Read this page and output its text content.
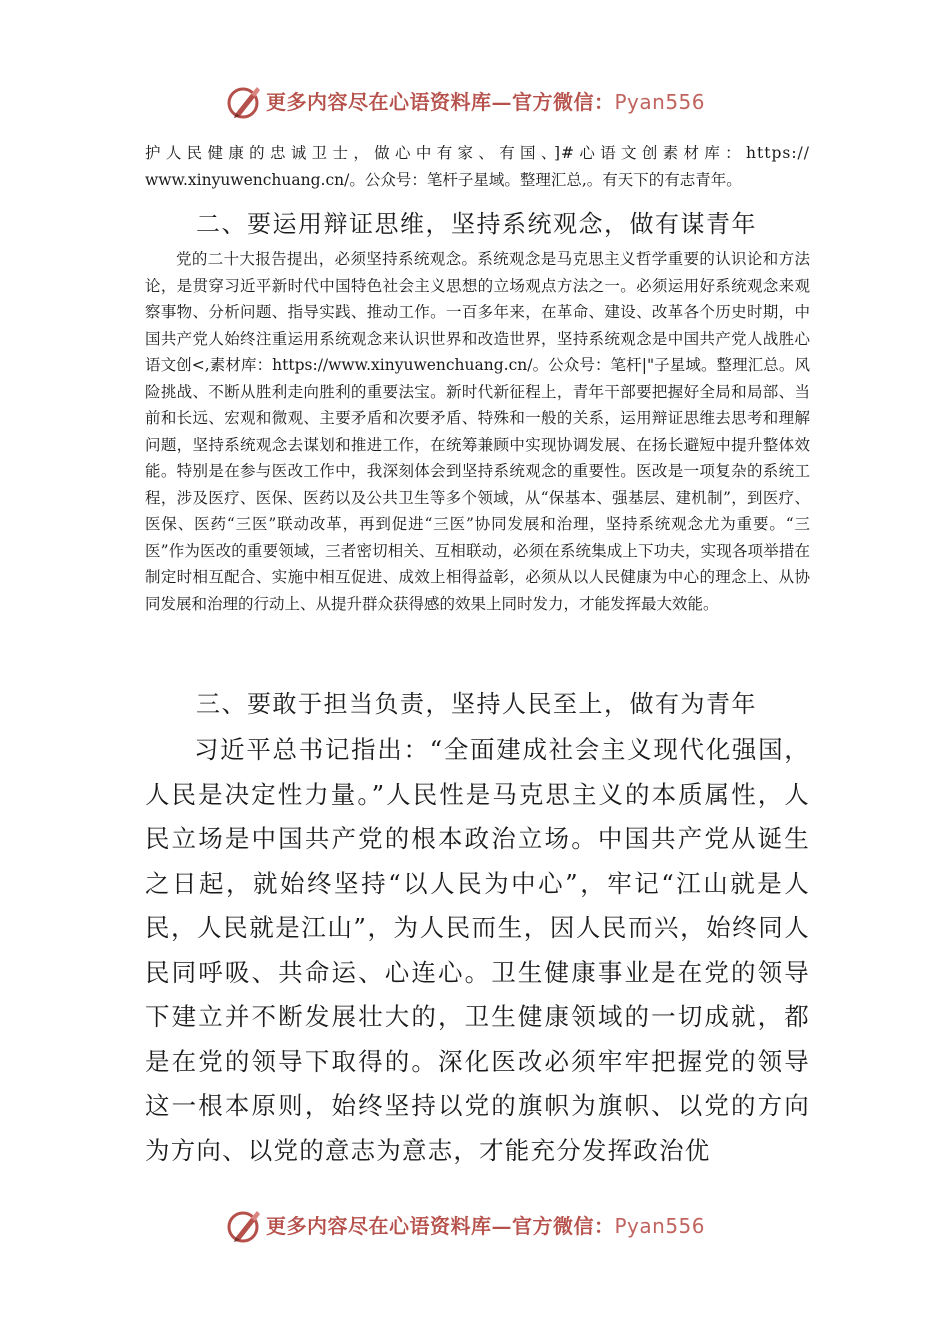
更多内容尽在心语资料库—官方微信：Pyan556

护人民健康的忠诚卫士，做心中有家、有国、]#心语文创素材库：https://
www.xinyuwenchuang.cn/。公众号：笔杆子星域。整理汇总,。有天下的有志青年。

二、要运用辩证思维，坚持系统观念，做有谋青年

党的二十大报告提出，必须坚持系统观念。系统观念是马克思主义哲学重要的认识论和方法论，是贯穿习近平新时代中国特色社会主义思想的立场观点方法之一。必须运用好系统观念来观察事物、分析问题、指导实践、推动工作。一百多年来，在革命、建设、改革各个历史时期，中国共产党人始终注重运用系统观念来认识世界和改造世界，坚持系统观念是中国共产党人战胜心语文创<,素材库：https://www.xinyuwenchuang.cn/。公众号：笔杆|"子星域。整理汇总。风险挑战、不断从胜利走向胜利的重要法宝。新时代新征程上，青年干部要把握好全局和局部、当前和长远、宏观和微观、主要矛盾和次要矛盾、特殊和一般的关系，运用辩证思维去思考和理解问题，坚持系统观念去谋划和推进工作，在统筹兼顾中实现协调发展、在扬长避短中提升整体效能。特别是在参与医改工作中，我深刻体会到坚持系统观念的重要性。医改是一项复杂的系统工程，涉及医疗、医保、医药以及公共卫生等多个领域，从“保基本、强基层、建机制”，到医疗、医保、医药“三医”联动改革，再到促进“三医”协同发展和治理，坚持系统观念尤为重要。“三医”作为医改的重要领域，三者密切相关、互相联动，必须在系统集成上下功夫，实现各项举措在制定时相互配合、实施中相互促进、成效上相得益彰，必须从以人民健康为中心的理念上、从协同发展和治理的行动上、从提升群众获得感的效果上同时发力，才能发挥最大效能。

三、要敢于担当负责，坚持人民至上，做有为青年

习近平总书记指出：“全面建成社会主义现代化强国，人民是决定性力量。”人民性是马克思主义的本质属性，人民立场是中国共产党的根本政治立场。中国共产党从诞生之日起，就始终坚持“以人民为中心”，牢记“江山就是人民，人民就是江山”，为人民而生，因人民而兴，始终同人民同呼吸、共命运、心连心。卫生健康事业是在党的领导下建立并不断发展壮大的，卫生健康领域的一切成就，都是在党的领导下取得的。深化医改必须牢牢把握党的领导这一根本原则，始终坚持以党的旗帜为旗帜、以党的方向为方向、以党的意志为意志，才能充分发挥政治优

更多内容尽在心语资料库—官方微信：Pyan556
